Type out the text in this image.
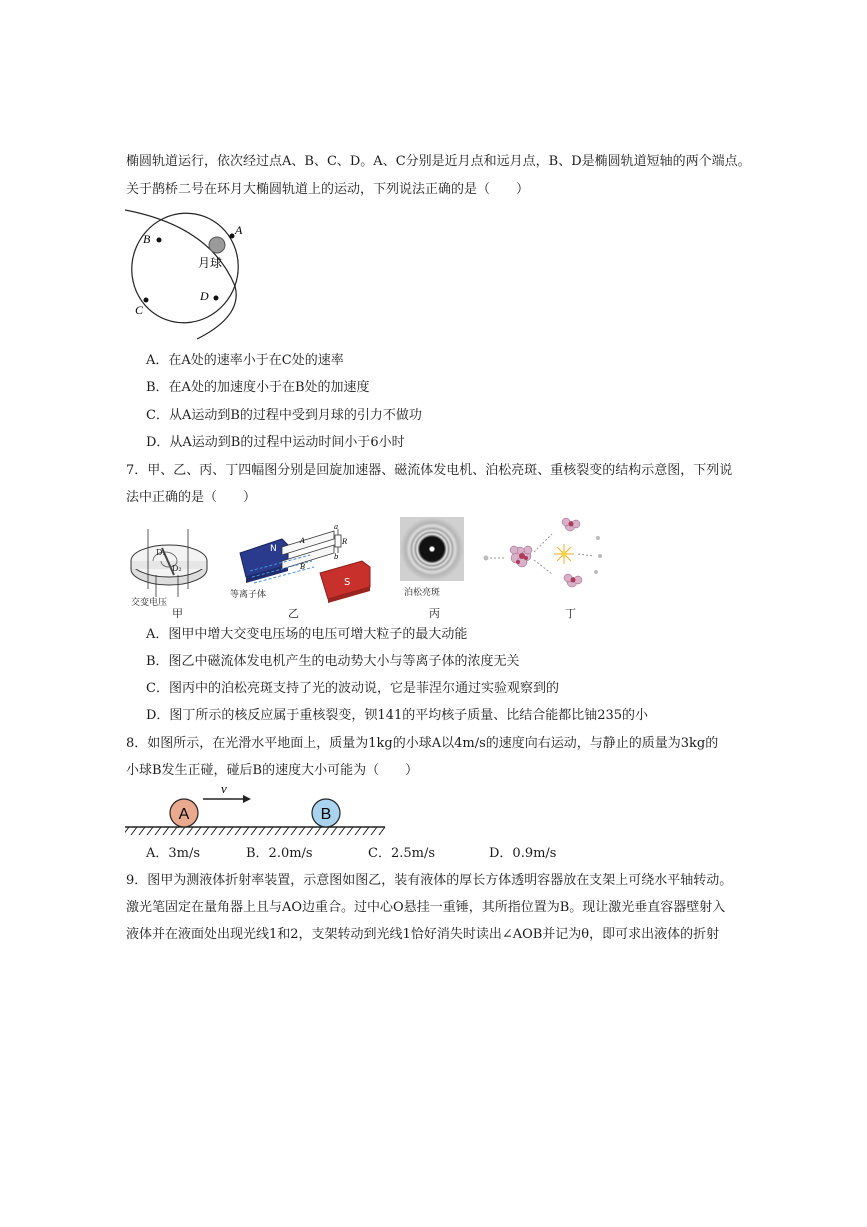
椭圆轨道运行，依次经过点A、B、C、D。A、C分别是近月点和远月点，B、D是椭圆轨道短轴的两个端点。
关于鹊桥二号在环月大椭圆轨道上的运动，下列说法正确的是（　　）
A
B
C
D
月球
A．在A处的速率小于在C处的速率
B．在A处的加速度小于在B处的加速度
C．从A运动到B的过程中受到月球的引力不做功
D．从A运动到B的过程中运动时间小于6小时
7．甲、乙、丙、丁四幅图分别是回旋加速器、磁流体发电机、泊松亮斑、重核裂变的结构示意图，下列说
法中正确的是（　　）
D₁
D₂
交变电压
甲
R
a
b
A
B
N
S
等离子体
乙
泊松亮斑
丙	丁
A．图甲中增大交变电压场的电压可增大粒子的最大动能
B．图乙中磁流体发电机产生的电动势大小与等离子体的浓度无关
C．图丙中的泊松亮斑支持了光的波动说，它是菲涅尔通过实验观察到的
D．图丁所示的核反应属于重核裂变，钡141的平均核子质量、比结合能都比铀235的小
8．如图所示，在光滑水平地面上，质量为1kg的小球A以4m/s的速度向右运动，与静止的质量为3kg的
小球B发生正碰，碰后B的速度大小可能为（　　）
A	B
v
A．3m/s	B．2.0m/s	C．2.5m/s	D．0.9m/s
9．图甲为测液体折射率装置，示意图如图乙，装有液体的厚长方体透明容器放在支架上可绕水平轴转动。
激光笔固定在量角器上且与AO边重合。过中心O悬挂一重锤，其所指位置为B。现让激光垂直容器壁射入
液体并在液面处出现光线1和2，支架转动到光线1恰好消失时读出∠AOB并记为θ，即可求出液体的折射
